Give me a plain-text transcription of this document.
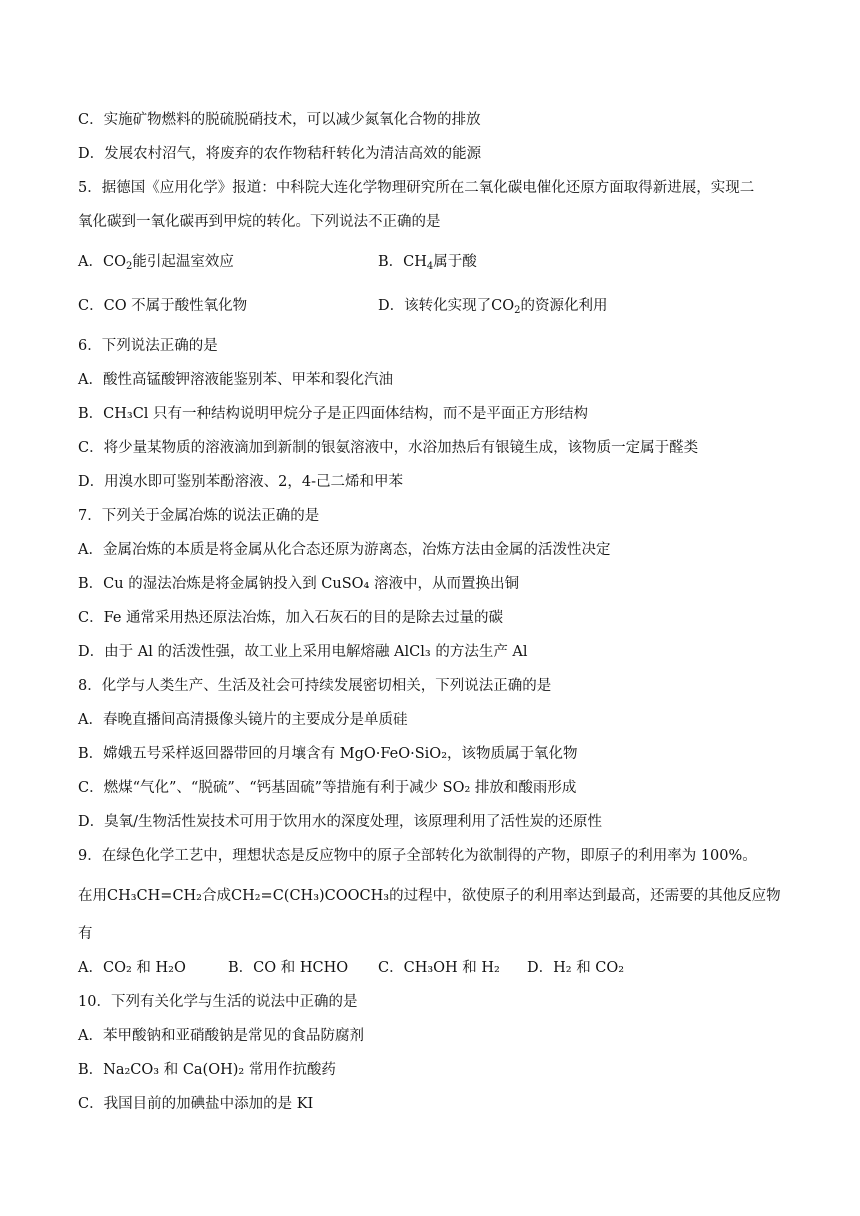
C．实施矿物燃料的脱硫脱硝技术，可以减少氮氧化合物的排放
D．发展农村沼气，将废弃的农作物秸秆转化为清洁高效的能源
5．据德国《应用化学》报道：中科院大连化学物理研究所在二氧化碳电催化还原方面取得新进展，实现二
氧化碳到一氧化碳再到甲烷的转化。下列说法不正确的是
A．$CO_2$能引起温室效应	B．$CH_4$属于酸
C．CO 不属于酸性氧化物	D．该转化实现了$CO_2$的资源化利用
6．下列说法正确的是
A．酸性高锰酸钾溶液能鉴别苯、甲苯和裂化汽油
B．CH₃Cl 只有一种结构说明甲烷分子是正四面体结构，而不是平面正方形结构
C．将少量某物质的溶液滴加到新制的银氨溶液中，水浴加热后有银镜生成，该物质一定属于醛类
D．用溴水即可鉴别苯酚溶液、2，4-己二烯和甲苯
7．下列关于金属冶炼的说法正确的是
A．金属冶炼的本质是将金属从化合态还原为游离态，冶炼方法由金属的活泼性决定
B．Cu 的湿法冶炼是将金属钠投入到 CuSO₄ 溶液中，从而置换出铜
C．Fe 通常采用热还原法冶炼，加入石灰石的目的是除去过量的碳
D．由于 Al 的活泼性强，故工业上采用电解熔融 AlCl₃ 的方法生产 Al
8．化学与人类生产、生活及社会可持续发展密切相关，下列说法正确的是
A．春晚直播间高清摄像头镜片的主要成分是单质硅
B．嫦娥五号采样返回器带回的月壤含有 MgO·FeO·SiO₂，该物质属于氧化物
C．燃煤“气化”、“脱硫”、“钙基固硫”等措施有利于减少 SO₂ 排放和酸雨形成
D．臭氧/生物活性炭技术可用于饮用水的深度处理，该原理利用了活性炭的还原性
9．在绿色化学工艺中，理想状态是反应物中的原子全部转化为欲制得的产物，即原子的利用率为 100%。
在用CH₃CH=CH₂合成CH₂=C(CH₃)COOCH₃的过程中，欲使原子的利用率达到最高，还需要的其他反应物
有
A．CO₂ 和 H₂O	B．CO 和 HCHO C．CH₃OH 和 H₂ D．H₂ 和 CO₂
10．下列有关化学与生活的说法中正确的是
A．苯甲酸钠和亚硝酸钠是常见的食品防腐剂
B．Na₂CO₃ 和 Ca(OH)₂ 常用作抗酸药
C．我国目前的加碘盐中添加的是 KI
